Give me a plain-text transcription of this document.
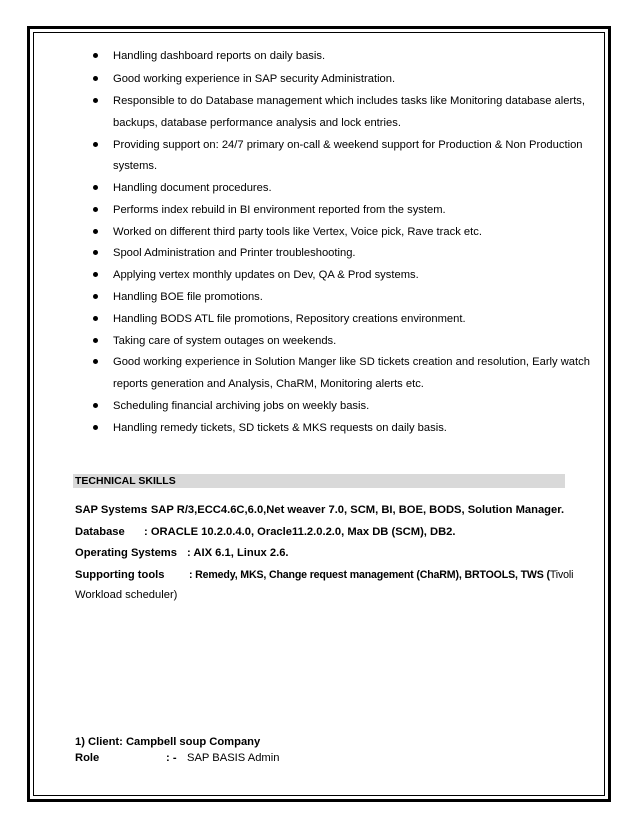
Handling dashboard reports on daily basis.
Good working experience in SAP security Administration.
Responsible to do Database management which includes tasks like Monitoring database alerts,
backups, database performance analysis and lock entries.
Providing support on: 24/7 primary on-call & weekend support for Production & Non Production
systems.
Handling document procedures.
Performs index rebuild in BI environment reported from the system.
Worked on different third party tools like Vertex, Voice pick, Rave track etc.
Spool Administration and Printer troubleshooting.
Applying vertex monthly updates on Dev, QA & Prod systems.
Handling BOE file promotions.
Handling BODS ATL file promotions, Repository creations environment.
Taking care of system outages on weekends.
Good working experience in Solution Manger like SD tickets creation and resolution, Early watch
reports generation and Analysis, ChaRM, Monitoring alerts etc.
Scheduling financial archiving jobs on weekly basis.
Handling remedy tickets, SD tickets & MKS requests on daily basis.
TECHNICAL SKILLS
SAP Systems
: SAP R/3,ECC4.6C,6.0,Net weaver 7.0, SCM, BI, BOE, BODS, Solution Manager.
Database : ORACLE 10.2.0.4.0, Oracle11.2.0.2.0, Max DB (SCM), DB2.
Operating Systems : AIX 6.1, Linux 2.6.
Supporting tools : Remedy, MKS, Change request management (ChaRM), BRTOOLS, TWS (Tivoli
Workload scheduler)
1) Client: Campbell soup Company
Role	: - SAP BASIS Admin
